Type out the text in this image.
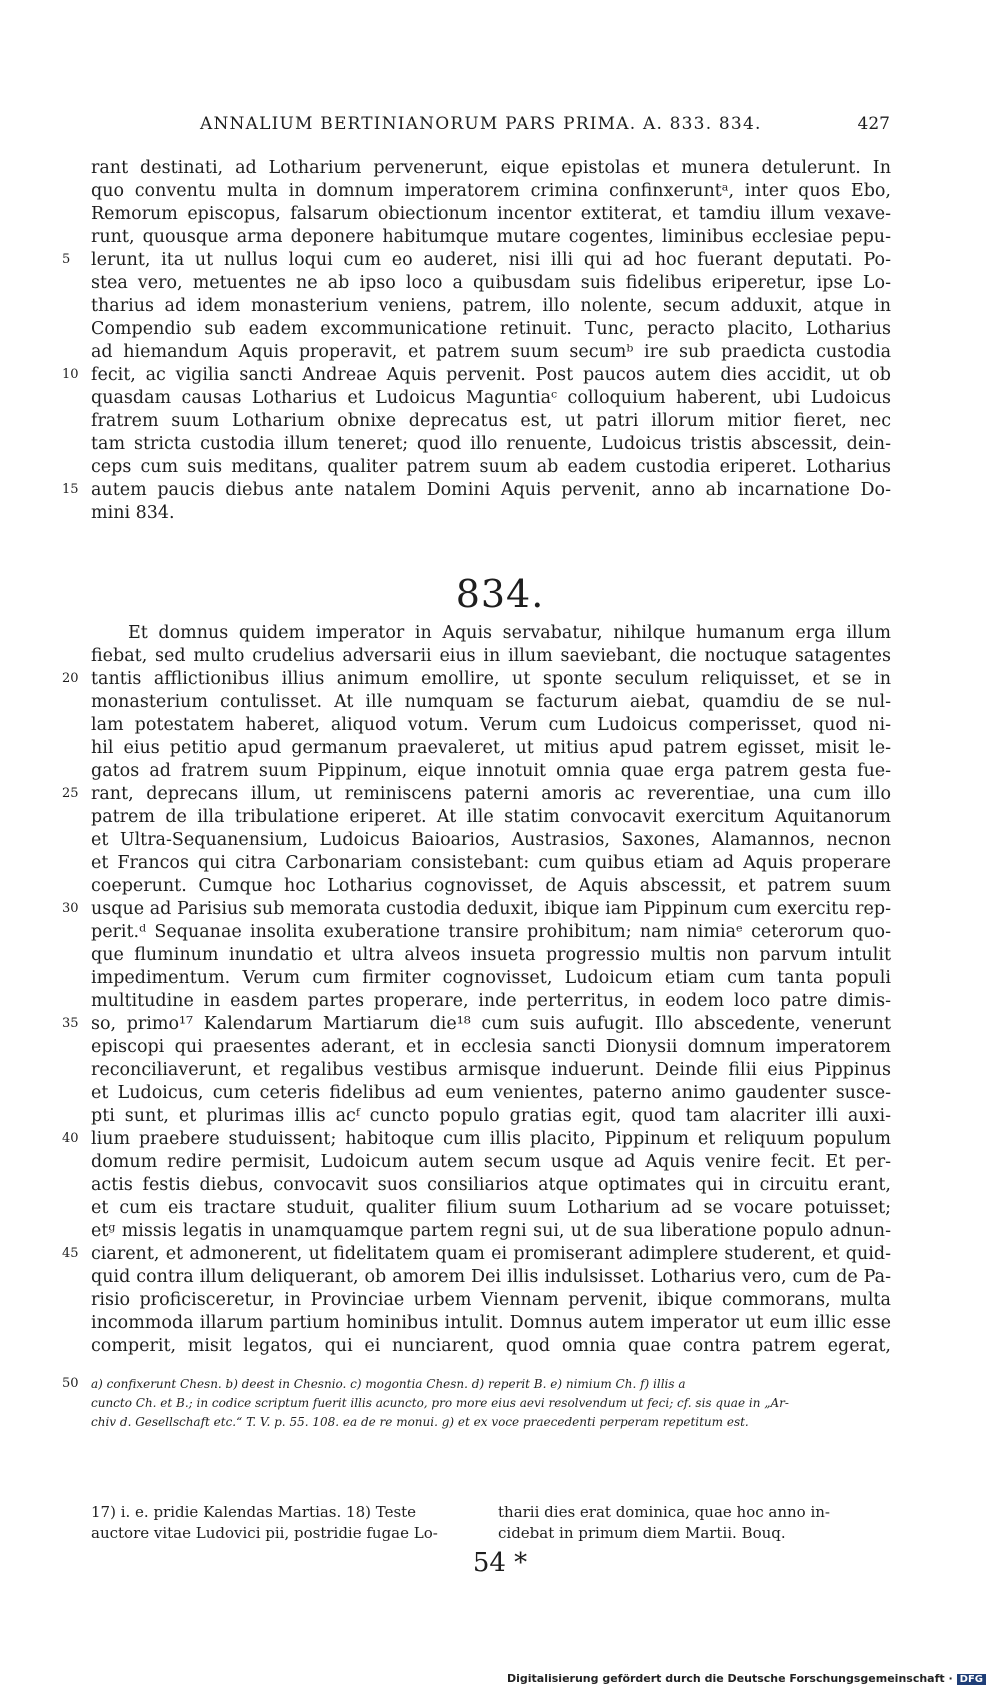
ANNALIUM BERTINIANORUM PARS PRIMA. A. 833. 834.	427
rant destinati, ad Lotharium pervenerunt, eique epistolas et munera detulerunt. In
quo conventu multa in domnum imperatorem crimina confinxeruntᵃ, inter quos Ebo,
Remorum episcopus, falsarum obiectionum incentor extiterat, et tamdiu illum vexave-
runt, quousque arma deponere habitumque mutare cogentes, liminibus ecclesiae pepu-
lerunt, ita ut nullus loqui cum eo auderet, nisi illi qui ad hoc fuerant deputati. Po-
stea vero, metuentes ne ab ipso loco a quibusdam suis fidelibus eriperetur, ipse Lo-
tharius ad idem monasterium veniens, patrem, illo nolente, secum adduxit, atque in
Compendio sub eadem excommunicatione retinuit. Tunc, peracto placito, Lotharius
ad hiemandum Aquis properavit, et patrem suum secumᵇ ire sub praedicta custodia
fecit, ac vigilia sancti Andreae Aquis pervenit. Post paucos autem dies accidit, ut ob
quasdam causas Lotharius et Ludoicus Maguntiaᶜ colloquium haberent, ubi Ludoicus
fratrem suum Lotharium obnixe deprecatus est, ut patri illorum mitior fieret, nec
tam stricta custodia illum teneret; quod illo renuente, Ludoicus tristis abscessit, dein-
ceps cum suis meditans, qualiter patrem suum ab eadem custodia eriperet. Lotharius
autem paucis diebus ante natalem Domini Aquis pervenit, anno ab incarnatione Do-
mini 834.
5
10
15
834.
Et domnus quidem imperator in Aquis servabatur, nihilque humanum erga illum
fiebat, sed multo crudelius adversarii eius in illum saeviebant, die noctuque satagentes
tantis afflictionibus illius animum emollire, ut sponte seculum reliquisset, et se in
monasterium contulisset. At ille numquam se facturum aiebat, quamdiu de se nul-
lam potestatem haberet, aliquod votum. Verum cum Ludoicus comperisset, quod ni-
hil eius petitio apud germanum praevaleret, ut mitius apud patrem egisset, misit le-
gatos ad fratrem suum Pippinum, eique innotuit omnia quae erga patrem gesta fue-
rant, deprecans illum, ut reminiscens paterni amoris ac reverentiae, una cum illo
patrem de illa tribulatione eriperet. At ille statim convocavit exercitum Aquitanorum
et Ultra-Sequanensium, Ludoicus Baioarios, Austrasios, Saxones, Alamannos, necnon
et Francos qui citra Carbonariam consistebant: cum quibus etiam ad Aquis properare
coeperunt. Cumque hoc Lotharius cognovisset, de Aquis abscessit, et patrem suum
usque ad Parisius sub memorata custodia deduxit, ibique iam Pippinum cum exercitu rep-
perit.ᵈ Sequanae insolita exuberatione transire prohibitum; nam nimiaᵉ ceterorum quo-
que fluminum inundatio et ultra alveos insueta progressio multis non parvum intulit
impedimentum. Verum cum firmiter cognovisset, Ludoicum etiam cum tanta populi
multitudine in easdem partes properare, inde perterritus, in eodem loco patre dimis-
so, primo¹⁷ Kalendarum Martiarum die¹⁸ cum suis aufugit. Illo abscedente, venerunt
episcopi qui praesentes aderant, et in ecclesia sancti Dionysii domnum imperatorem
reconciliaverunt, et regalibus vestibus armisque induerunt. Deinde filii eius Pippinus
et Ludoicus, cum ceteris fidelibus ad eum venientes, paterno animo gaudenter susce-
pti sunt, et plurimas illis acᶠ cuncto populo gratias egit, quod tam alacriter illi auxi-
lium praebere studuissent; habitoque cum illis placito, Pippinum et reliquum populum
domum redire permisit, Ludoicum autem secum usque ad Aquis venire fecit. Et per-
actis festis diebus, convocavit suos consiliarios atque optimates qui in circuitu erant,
et cum eis tractare studuit, qualiter filium suum Lotharium ad se vocare potuisset;
etᵍ missis legatis in unamquamque partem regni sui, ut de sua liberatione populo adnun-
ciarent, et admonerent, ut fidelitatem quam ei promiserant adimplere studerent, et quid-
quid contra illum deliquerant, ob amorem Dei illis indulsisset. Lotharius vero, cum de Pa-
risio proficisceretur, in Provinciae urbem Viennam pervenit, ibique commorans, multa
incommoda illarum partium hominibus intulit. Domnus autem imperator ut eum illic esse
comperit, misit legatos, qui ei nunciarent, quod omnia quae contra patrem egerat,
20
25
30
35
40
45
50	a) confixerunt Chesn. b) deest in Chesnio. c) mogontia Chesn. d) reperit B. e) nimium Ch. f) illis a
cuncto Ch. et B.; in codice scriptum fuerit illis acuncto, pro more eius aevi resolvendum ut feci; cf. sis quae in „Ar-
chiv d. Gesellschaft etc.“ T. V. p. 55. 108. ea de re monui. g) et ex voce praecedenti perperam repetitum est.
17) i. e. pridie Kalendas Martias. 18) Teste
auctore vitae Ludovici pii, postridie fugae Lo-
tharii dies erat dominica, quae hoc anno in-
cidebat in primum diem Martii. Bouq.
54 *
Digitalisierung gefördert durch die Deutsche Forschungsgemeinschaft · DFG
